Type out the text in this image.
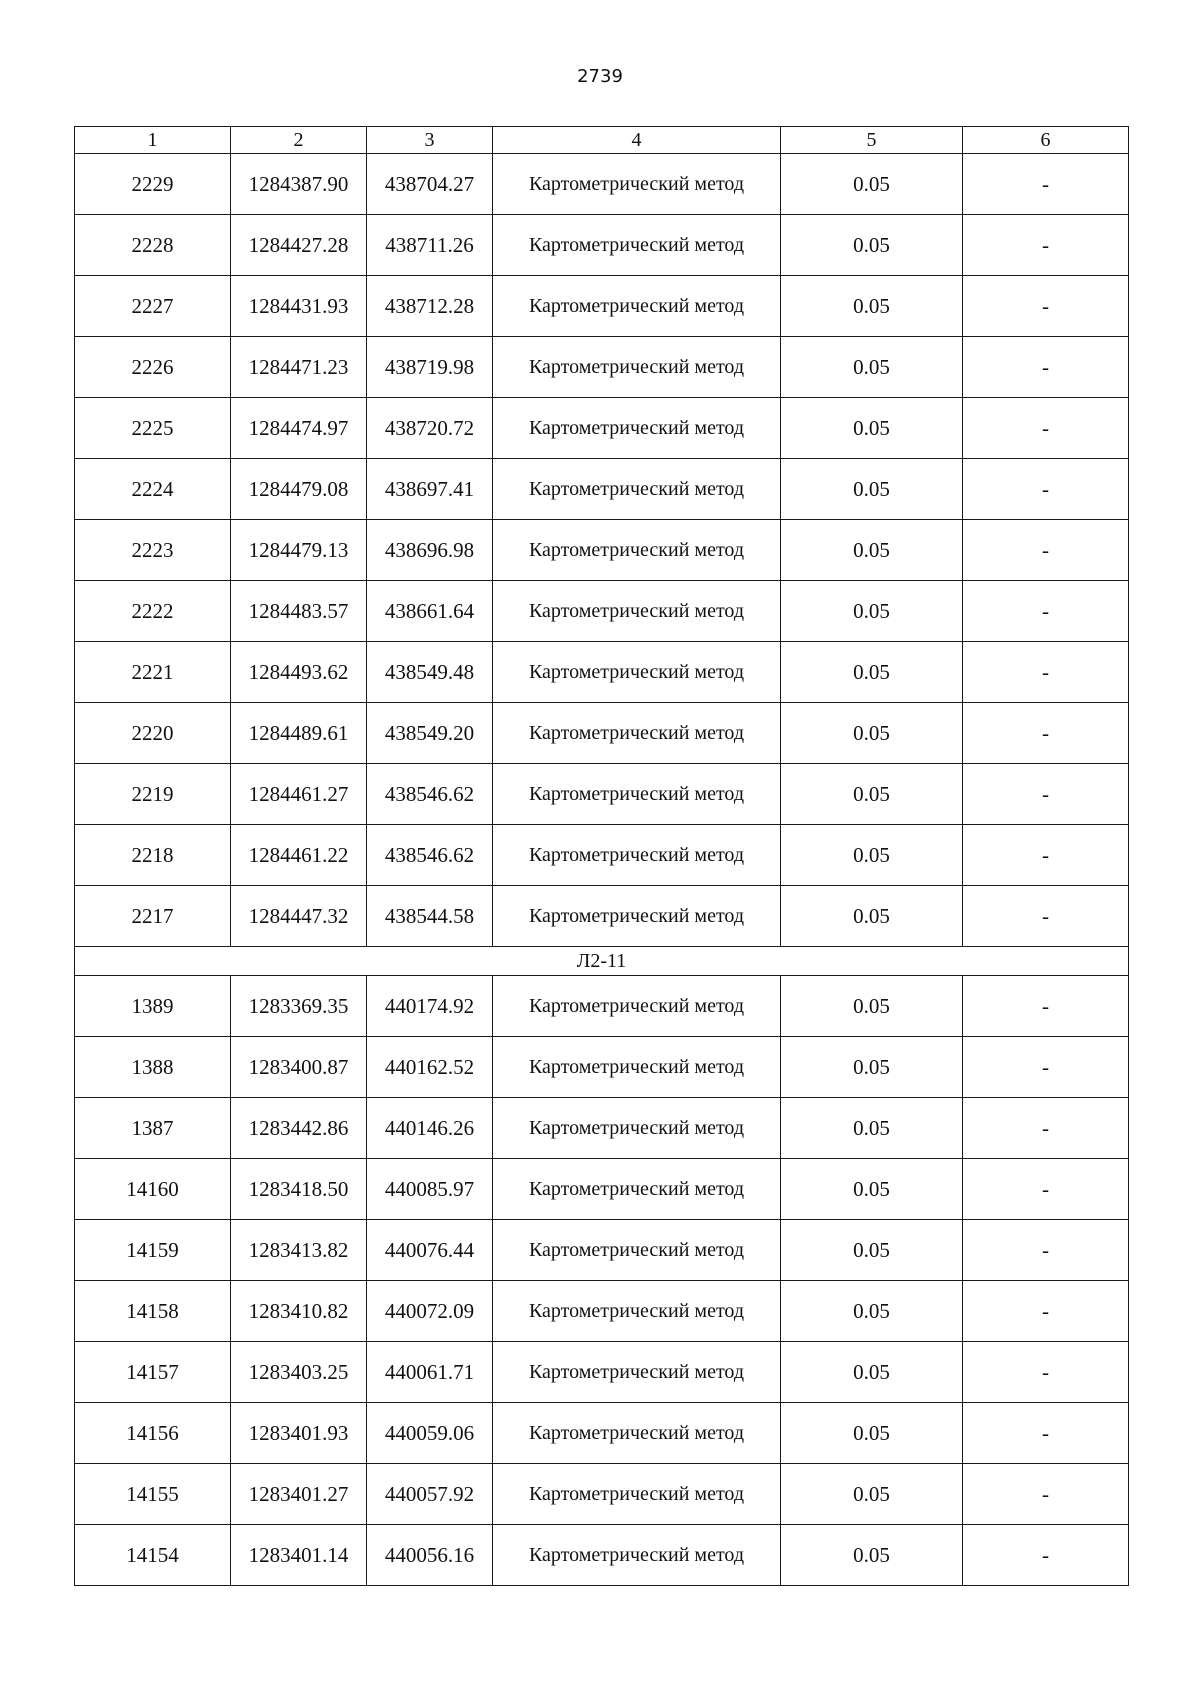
2739
1	2	3	4	5	6
2229	1284387.90	438704.27	Картометрический метод	0.05	-
2228	1284427.28	438711.26	Картометрический метод	0.05	-
2227	1284431.93	438712.28	Картометрический метод	0.05	-
2226	1284471.23	438719.98	Картометрический метод	0.05	-
2225	1284474.97	438720.72	Картометрический метод	0.05	-
2224	1284479.08	438697.41	Картометрический метод	0.05	-
2223	1284479.13	438696.98	Картометрический метод	0.05	-
2222	1284483.57	438661.64	Картометрический метод	0.05	-
2221	1284493.62	438549.48	Картометрический метод	0.05	-
2220	1284489.61	438549.20	Картометрический метод	0.05	-
2219	1284461.27	438546.62	Картометрический метод	0.05	-
2218	1284461.22	438546.62	Картометрический метод	0.05	-
2217	1284447.32	438544.58	Картометрический метод	0.05	-
Л2-11					
1389	1283369.35	440174.92	Картометрический метод	0.05	-
1388	1283400.87	440162.52	Картометрический метод	0.05	-
1387	1283442.86	440146.26	Картометрический метод	0.05	-
14160	1283418.50	440085.97	Картометрический метод	0.05	-
14159	1283413.82	440076.44	Картометрический метод	0.05	-
14158	1283410.82	440072.09	Картометрический метод	0.05	-
14157	1283403.25	440061.71	Картометрический метод	0.05	-
14156	1283401.93	440059.06	Картометрический метод	0.05	-
14155	1283401.27	440057.92	Картометрический метод	0.05	-
14154	1283401.14	440056.16	Картометрический метод	0.05	-
